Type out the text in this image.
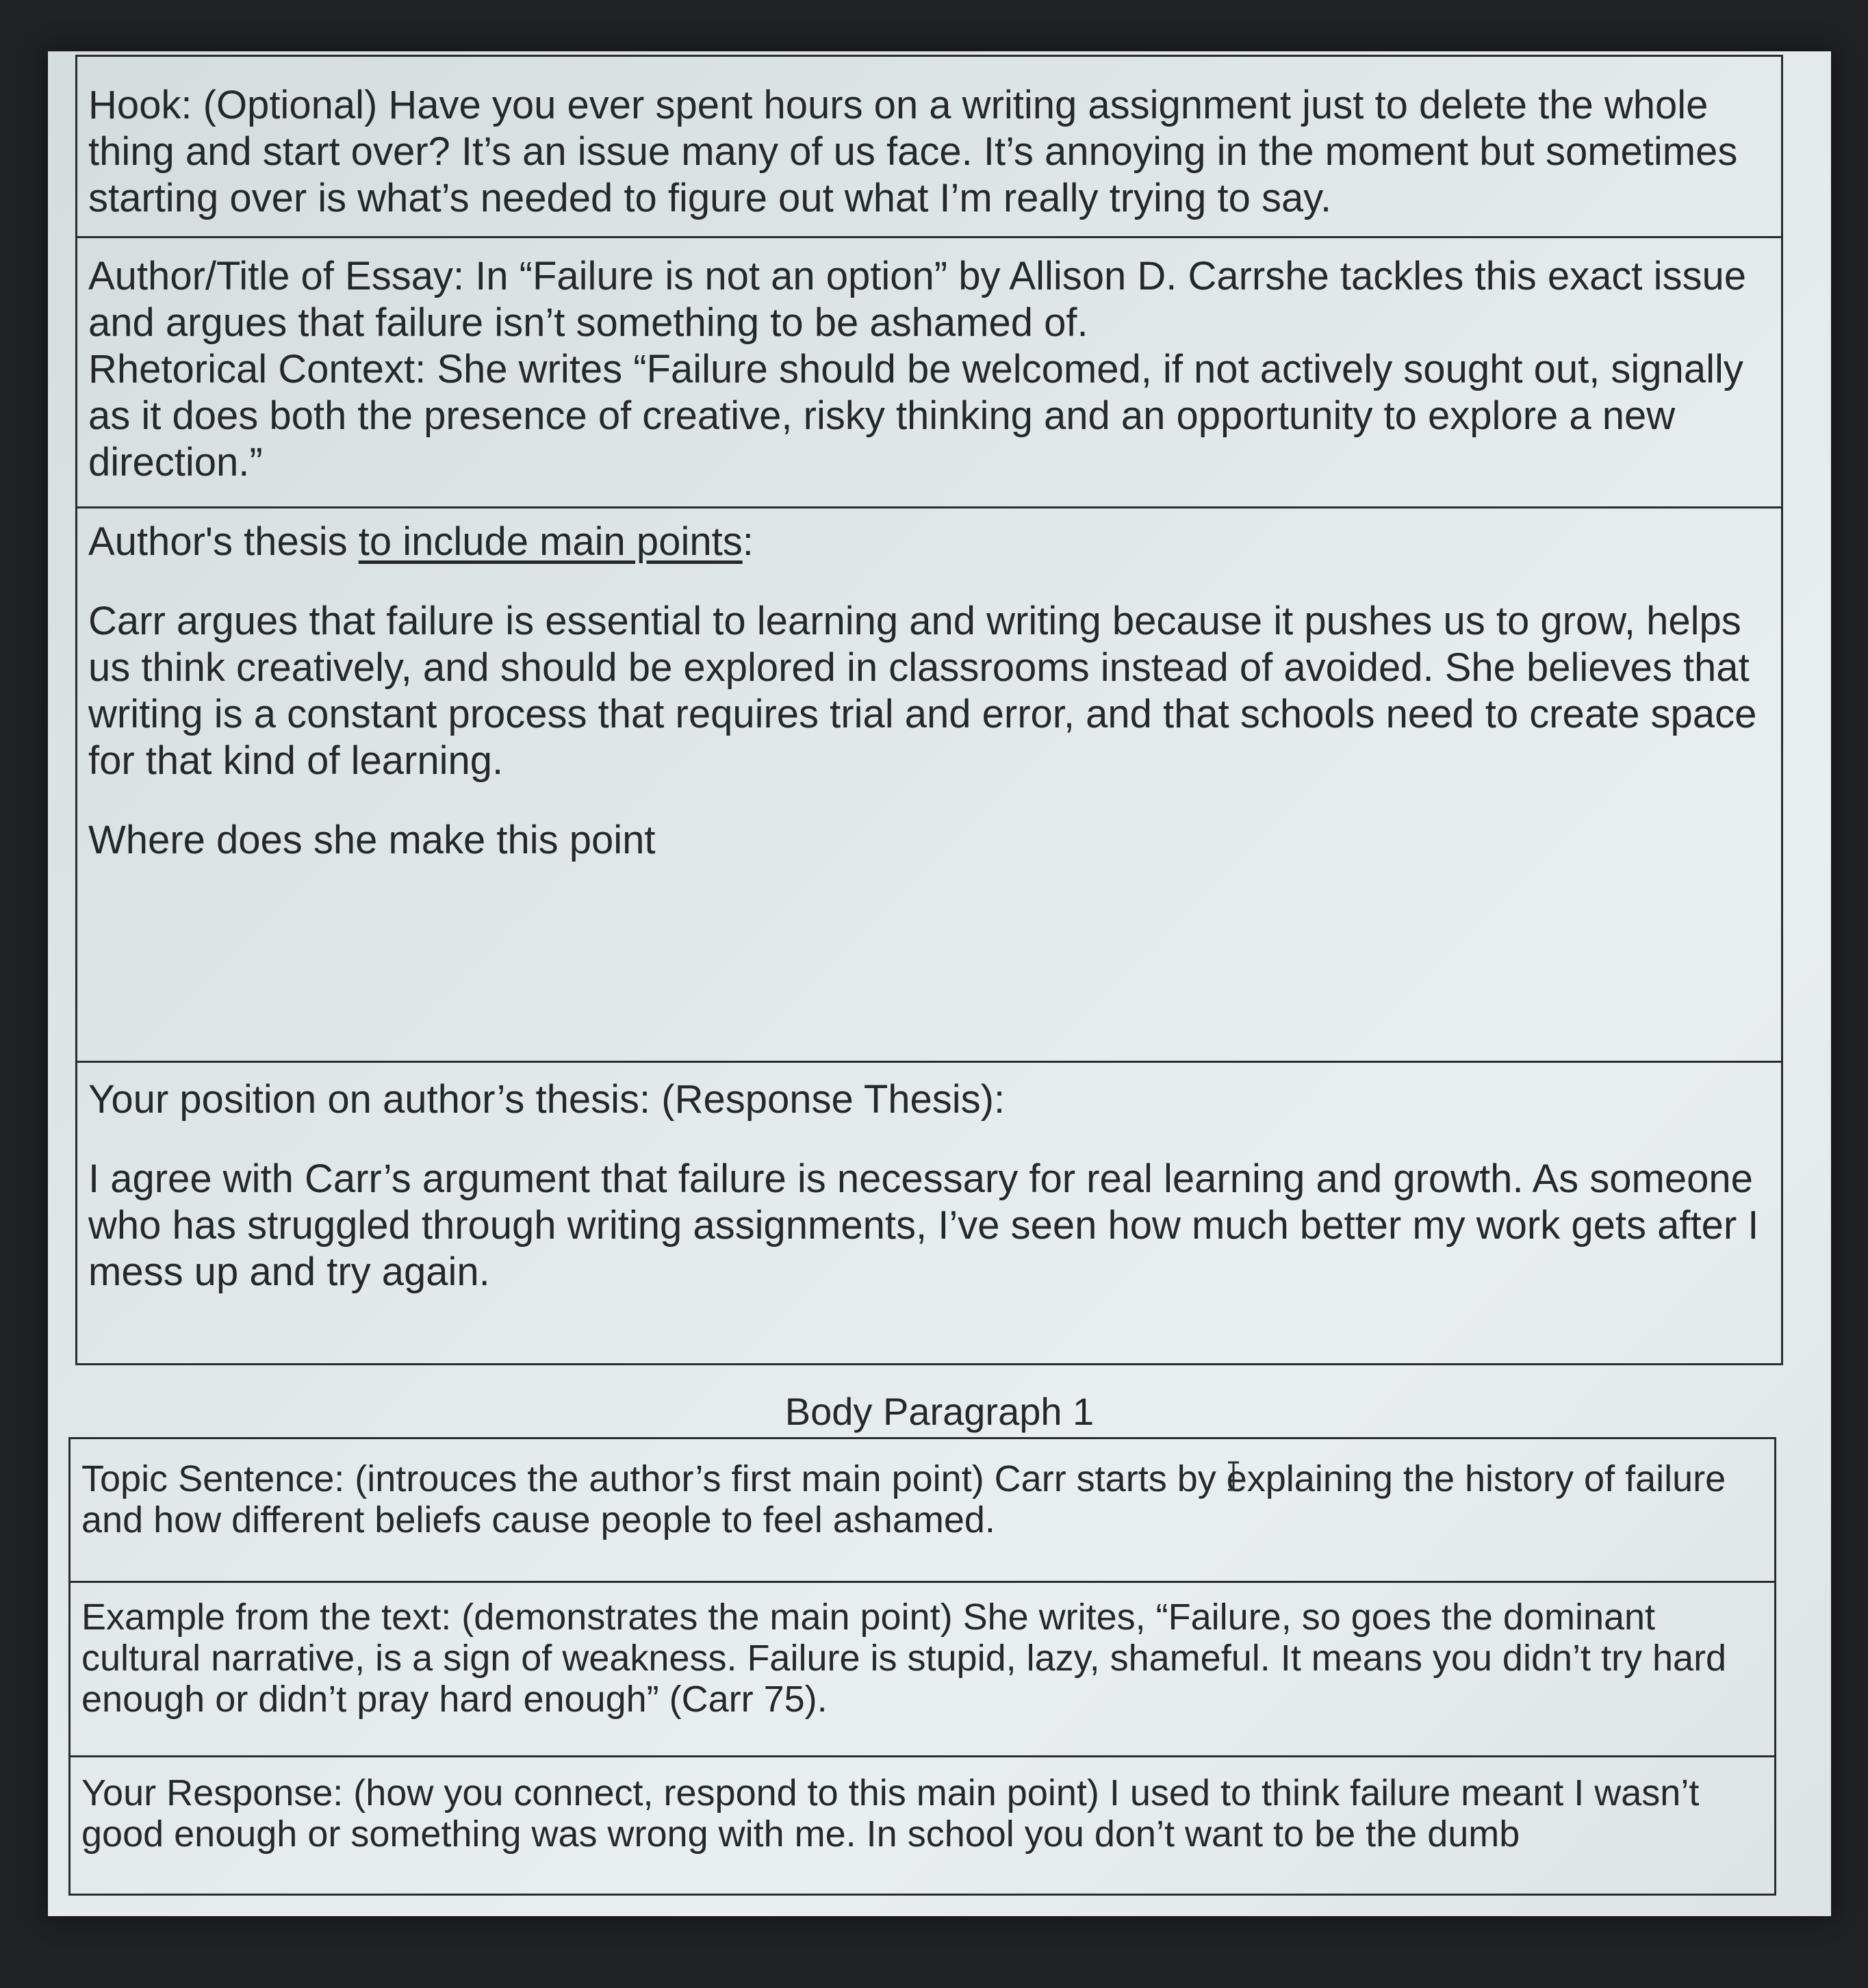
Hook: (Optional) Have you ever spent hours on a writing assignment just to delete the whole thing and start over? It’s an issue many of us face. It’s annoying in the moment but sometimes starting over is what’s needed to figure out what I’m really trying to say.

Author/Title of Essay: In “Failure is not an option” by Allison D. Carrshe tackles this exact issue and argues that failure isn’t something to be ashamed of.

Rhetorical Context: She writes “Failure should be welcomed, if not actively sought out, signally as it does both the presence of creative, risky thinking and an opportunity to explore a new direction.”

Author's thesis to include main points:

Carr argues that failure is essential to learning and writing because it pushes us to grow, helps us think creatively, and should be explored in classrooms instead of avoided. She believes that writing is a constant process that requires trial and error, and that schools need to create space for that kind of learning.

Where does she make this point

Your position on author’s thesis: (Response Thesis):

I agree with Carr’s argument that failure is necessary for real learning and growth. As someone who has struggled through writing assignments, I’ve seen how much better my work gets after I mess up and try again.

Body Paragraph 1

Topic Sentence: (introuces the author’s first main point) Carr starts by explaining the history of failure and how different beliefs cause people to feel ashamed.

Example from the text: (demonstrates the main point) She writes, “Failure, so goes the dominant cultural narrative, is a sign of weakness. Failure is stupid, lazy, shameful. It means you didn’t try hard enough or didn’t pray hard enough” (Carr 75).

Your Response: (how you connect, respond to this main point) I used to think failure meant I wasn’t good enough or something was wrong with me. In school you don’t want to be the dumb
